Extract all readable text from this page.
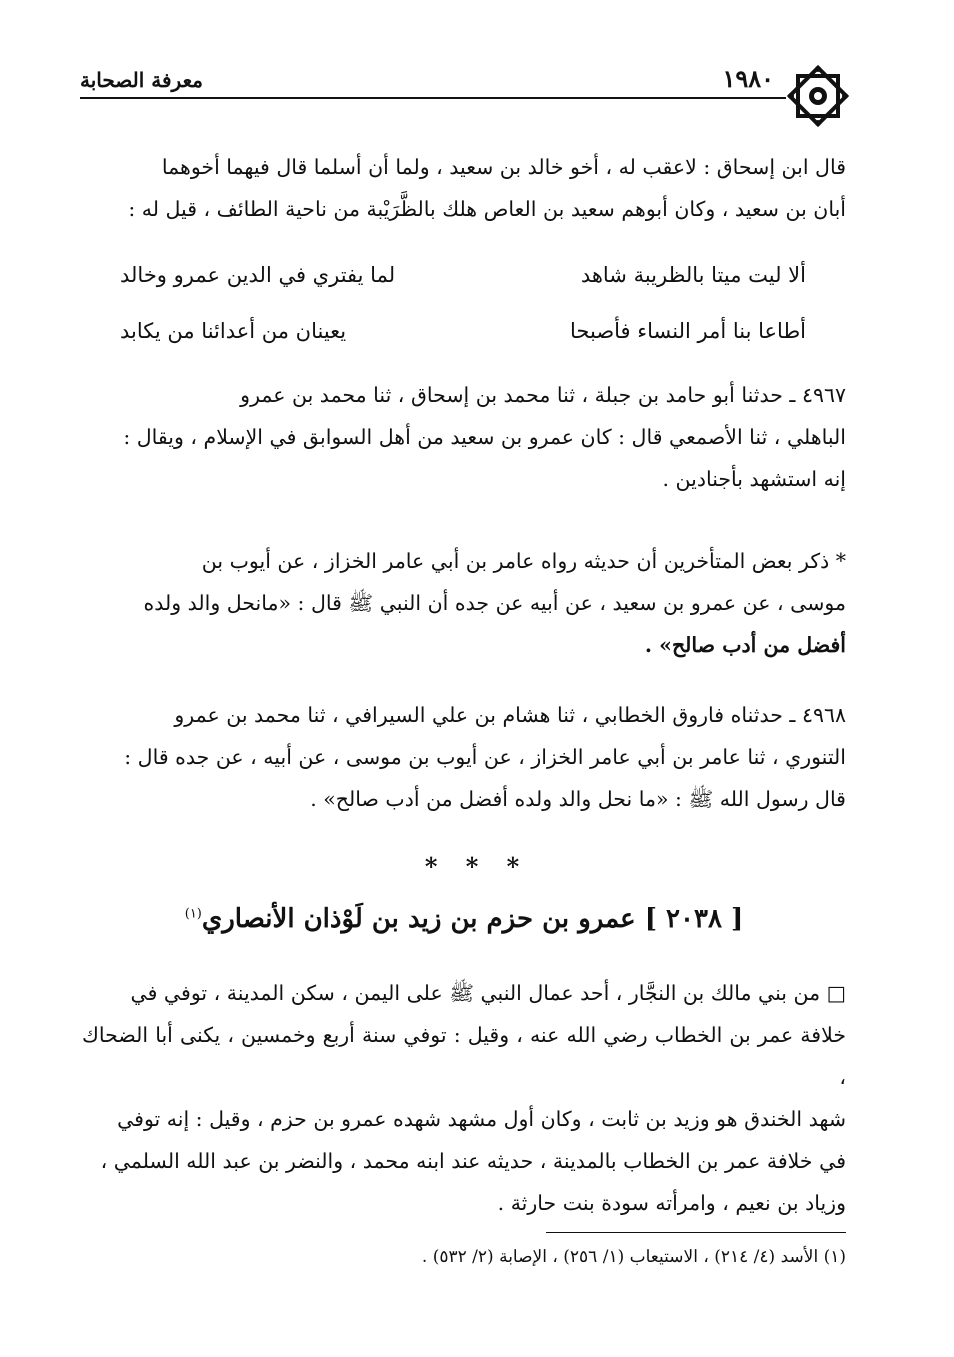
معرفة الصحابة	١٩٨٠
قال ابن إسحاق : لاعقب له ، أخو خالد بن سعيد ، ولما أن أسلما قال فيهما أخوهما
أبان بن سعيد ، وكان أبوهم سعيد بن العاص هلك بالظَّرَيْبة من ناحية الطائف ، قيل له :
ألا ليت ميتا بالظريبة شاهد
لما يفتري في الدين عمرو وخالد
أطاعا بنا أمر النساء فأصبحا
يعينان من أعدائنا من يكابد
٤٩٦٧ ـ حدثنا أبو حامد بن جبلة ، ثنا محمد بن إسحاق ، ثنا محمد بن عمرو
الباهلي ، ثنا الأصمعي قال : كان عمرو بن سعيد من أهل السوابق في الإسلام ، ويقال :
إنه استشهد بأجنادين .
* ذكر بعض المتأخرين أن حديثه رواه عامر بن أبي عامر الخزاز ، عن أيوب بن
موسى ، عن عمرو بن سعيد ، عن أبيه عن جده أن النبي ﷺ قال : «مانحل والد ولده
أفضل من أدب صالح» .
٤٩٦٨ ـ حدثناه فاروق الخطابي ، ثنا هشام بن علي السيرافي ، ثنا محمد بن عمرو
التنوري ، ثنا عامر بن أبي عامر الخزاز ، عن أيوب بن موسى ، عن أبيه ، عن جده قال :
قال رسول الله ﷺ : «ما نحل والد ولده أفضل من أدب صالح» .
* * *
[ ٢٠٣٨ ] عمرو بن حزم بن زيد بن لَوْذان الأنصاري$^{(١)}$
□ من بني مالك بن النجَّار ، أحد عمال النبي ﷺ على اليمن ، سكن المدينة ، توفي في
خلافة عمر بن الخطاب رضي الله عنه ، وقيل : توفي سنة أربع وخمسين ، يكنى أبا الضحاك ،
شهد الخندق هو وزيد بن ثابت ، وكان أول مشهد شهده عمرو بن حزم ، وقيل : إنه توفي
في خلافة عمر بن الخطاب بالمدينة ، حديثه عند ابنه محمد ، والنضر بن عبد الله السلمي ،
وزياد بن نعيم ، وامرأته سودة بنت حارثة .
(١) الأسد (٤/ ٢١٤) ، الاستيعاب (١/ ٢٥٦) ، الإصابة (٢/ ٥٣٢) .
